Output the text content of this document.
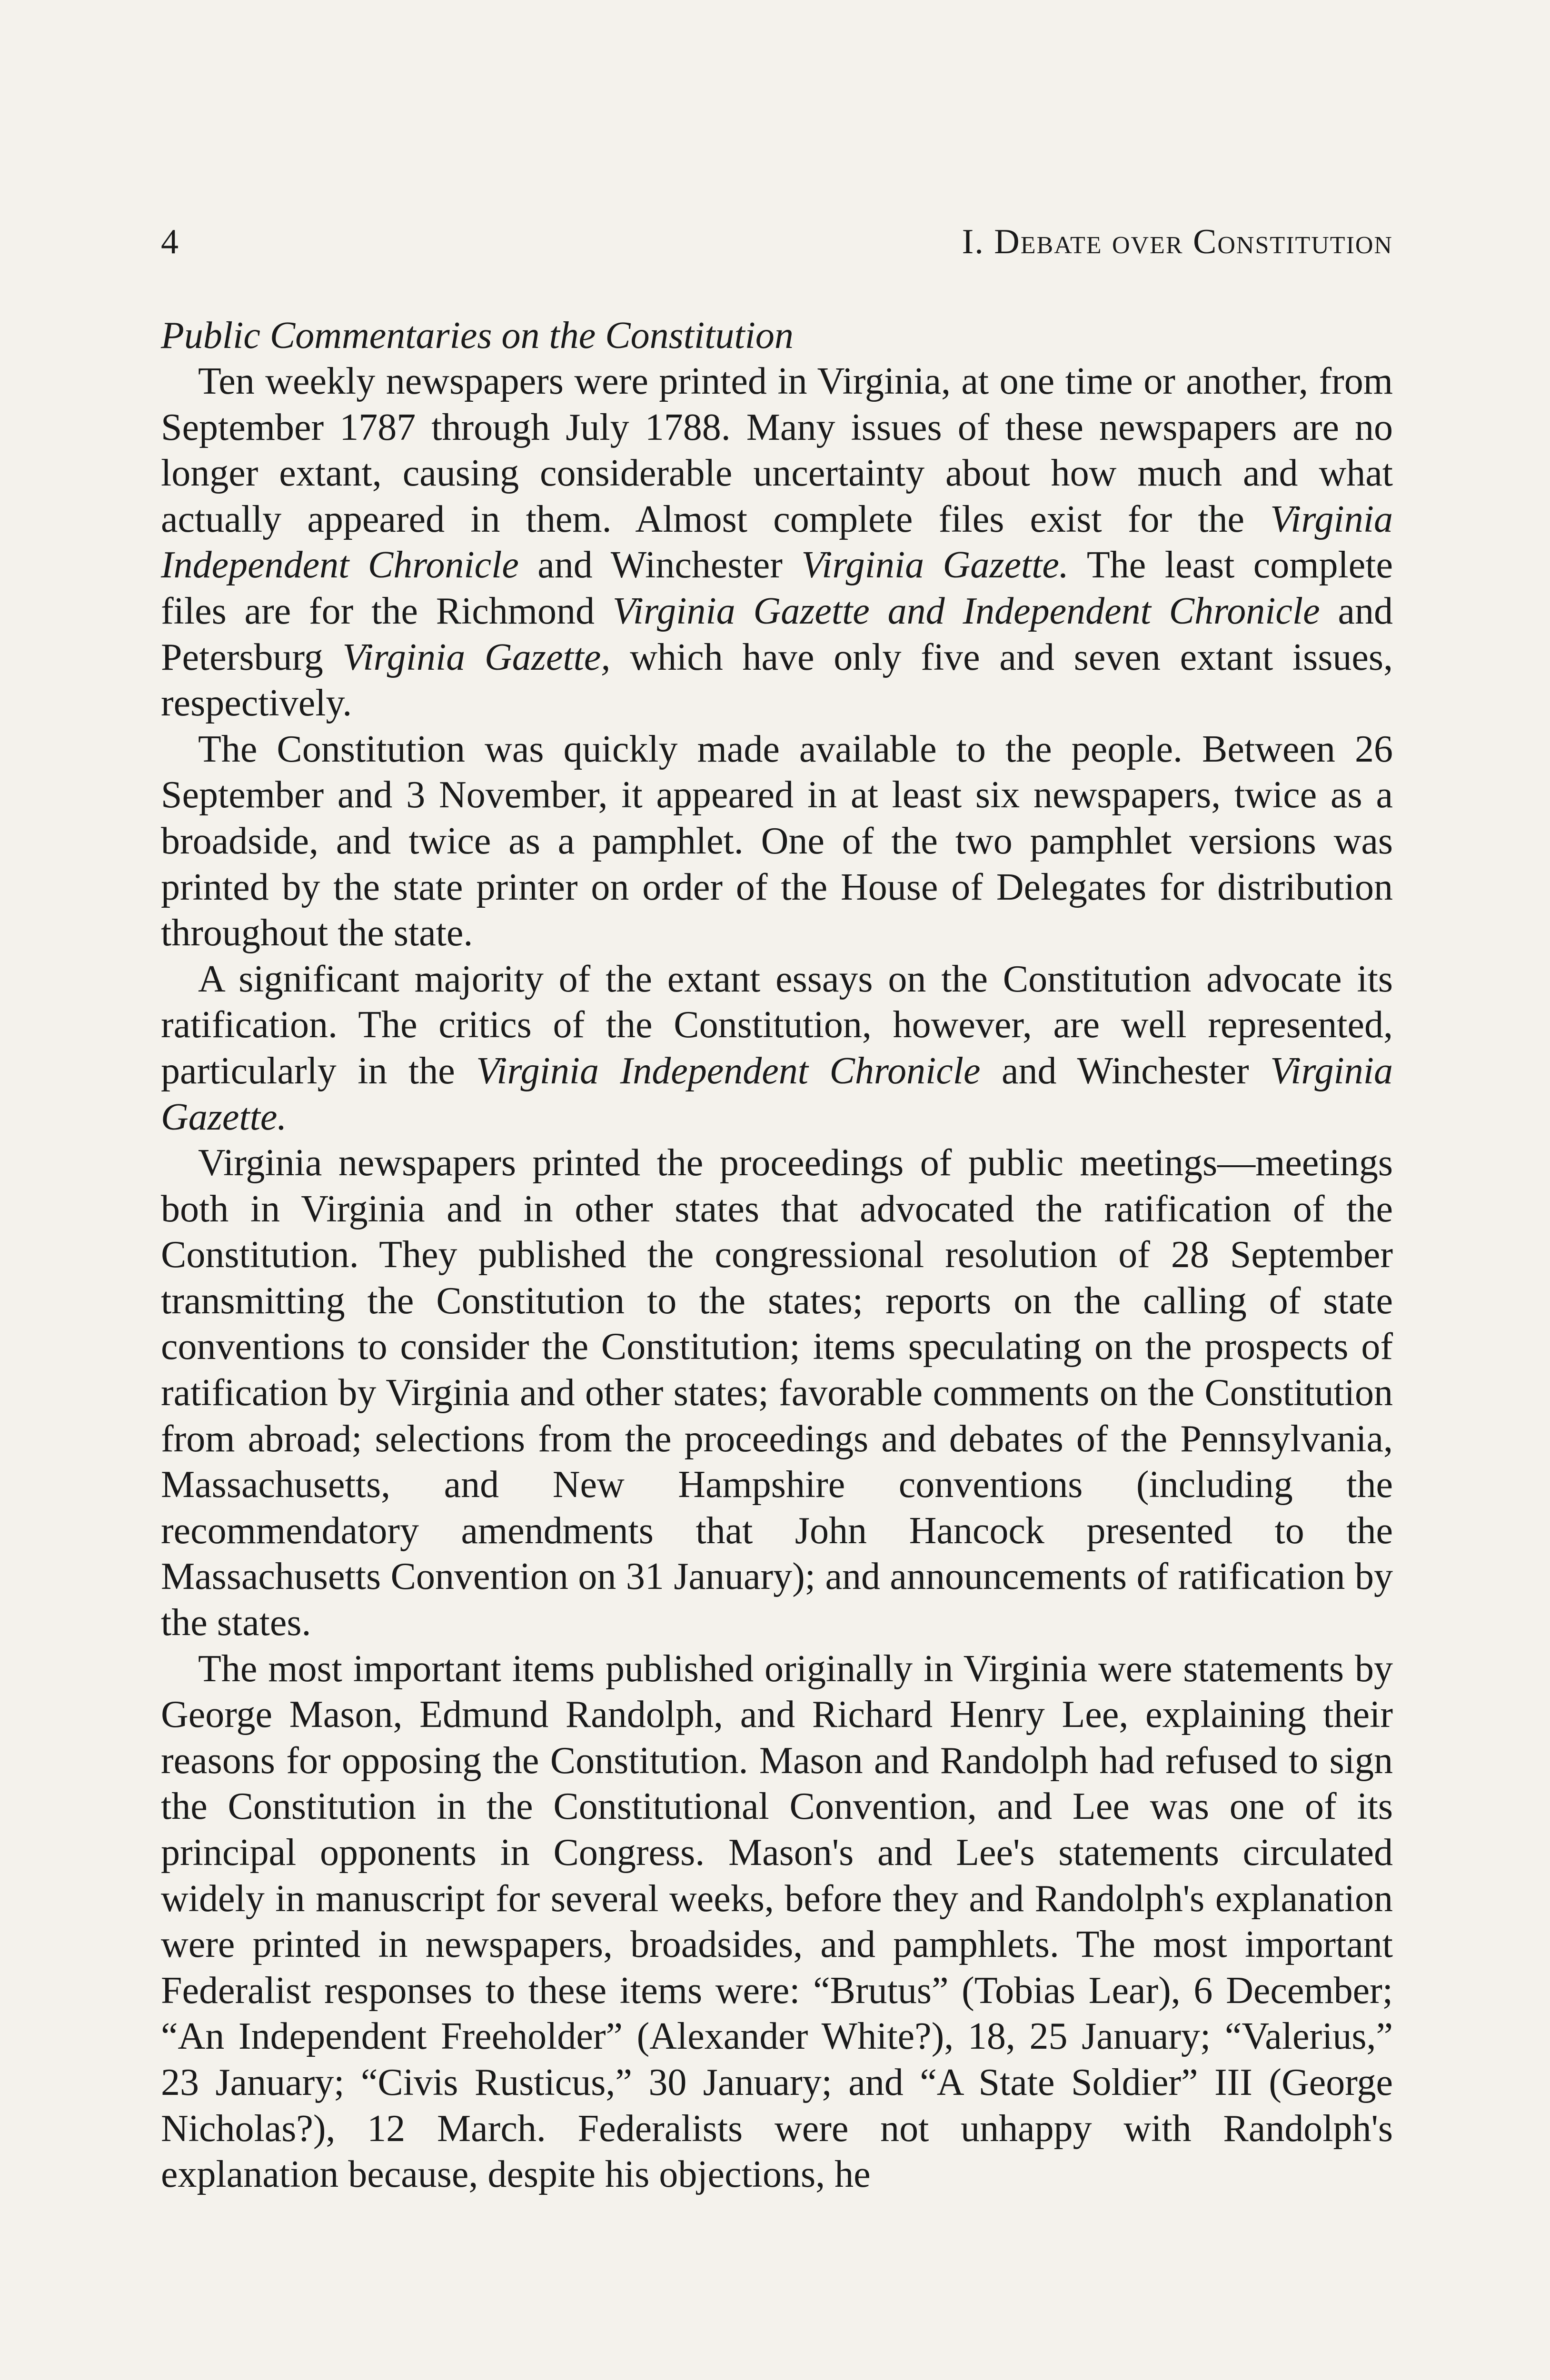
4	I. Debate over Constitution
Public Commentaries on the Constitution

Ten weekly newspapers were printed in Virginia, at one time or another, from September 1787 through July 1788. Many issues of these newspapers are no longer extant, causing considerable uncertainty about how much and what actually appeared in them. Almost complete files exist for the Virginia Independent Chronicle and Winchester Virginia Gazette. The least complete files are for the Richmond Virginia Gazette and Independent Chronicle and Petersburg Virginia Gazette, which have only five and seven extant issues, respectively.

The Constitution was quickly made available to the people. Between 26 September and 3 November, it appeared in at least six newspapers, twice as a broadside, and twice as a pamphlet. One of the two pamphlet versions was printed by the state printer on order of the House of Delegates for distribution throughout the state.

A significant majority of the extant essays on the Constitution advocate its ratification. The critics of the Constitution, however, are well represented, particularly in the Virginia Independent Chronicle and Winchester Virginia Gazette.

Virginia newspapers printed the proceedings of public meetings—meetings both in Virginia and in other states that advocated the ratification of the Constitution. They published the congressional resolution of 28 September transmitting the Constitution to the states; reports on the calling of state conventions to consider the Constitution; items speculating on the prospects of ratification by Virginia and other states; favorable comments on the Constitution from abroad; selections from the proceedings and debates of the Pennsylvania, Massachusetts, and New Hampshire conventions (including the recommendatory amendments that John Hancock presented to the Massachusetts Convention on 31 January); and announcements of ratification by the states.

The most important items published originally in Virginia were statements by George Mason, Edmund Randolph, and Richard Henry Lee, explaining their reasons for opposing the Constitution. Mason and Randolph had refused to sign the Constitution in the Constitutional Convention, and Lee was one of its principal opponents in Congress. Mason's and Lee's statements circulated widely in manuscript for several weeks, before they and Randolph's explanation were printed in newspapers, broadsides, and pamphlets. The most important Federalist responses to these items were: “Brutus” (Tobias Lear), 6 December; “An Independent Freeholder” (Alexander White?), 18, 25 January; “Valerius,” 23 January; “Civis Rusticus,” 30 January; and “A State Soldier” III (George Nicholas?), 12 March. Federalists were not unhappy with Randolph's explanation because, despite his objections, he
